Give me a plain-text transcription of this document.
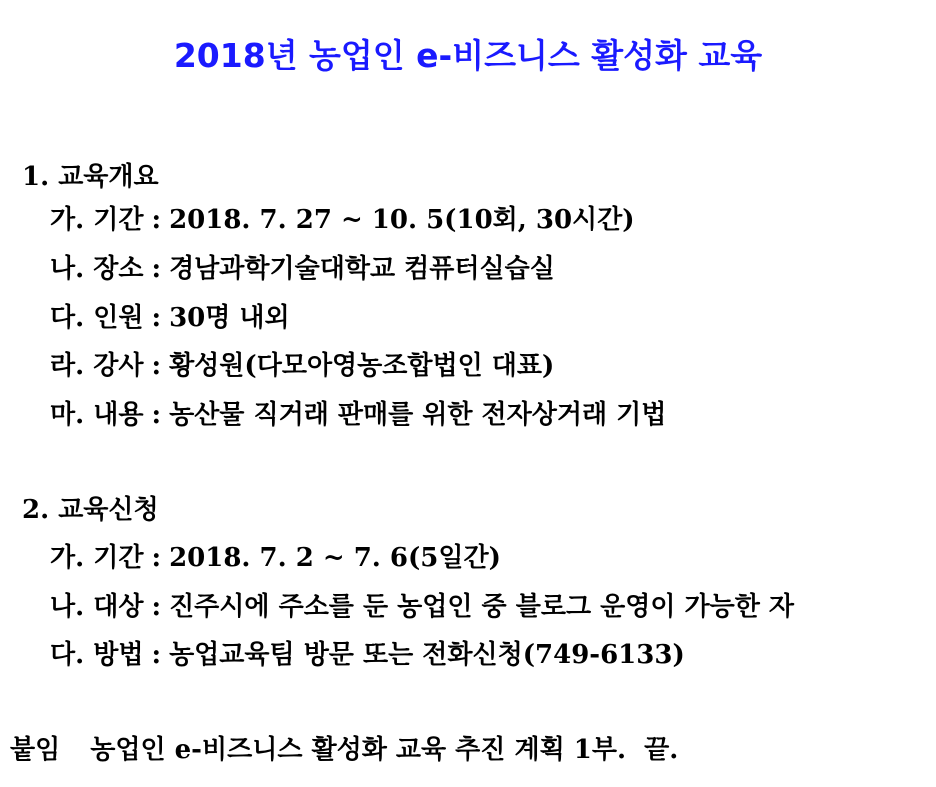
2018년 농업인 e-비즈니스 활성화 교육
1. 교육개요
가. 기간 : 2018. 7. 27 ~ 10. 5(10회, 30시간)
나. 장소 : 경남과학기술대학교 컴퓨터실습실
다. 인원 : 30명 내외
라. 강사 : 황성원(다모아영농조합법인 대표)
마. 내용 : 농산물 직거래 판매를 위한 전자상거래 기법
2. 교육신청
가. 기간 : 2018. 7. 2 ~ 7. 6(5일간)
나. 대상 : 진주시에 주소를 둔 농업인 중 블로그 운영이 가능한 자
다. 방법 : 농업교육팀 방문 또는 전화신청(749-6133)
붙임 농업인 e-비즈니스 활성화 교육 추진 계획 1부. 끝.
